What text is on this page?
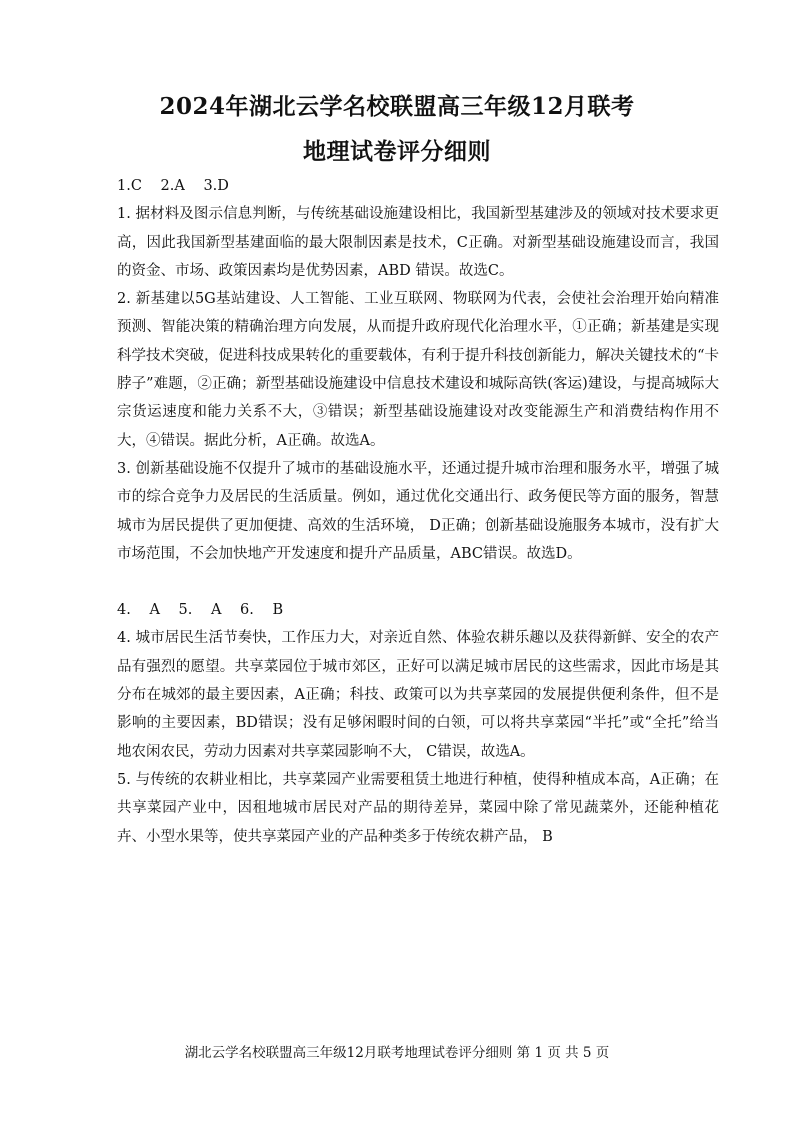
2024年湖北云学名校联盟高三年级12月联考
地理试卷评分细则

1.C 2.A 3.D

1. 据材料及图示信息判断，与传统基础设施建设相比，我国新型基建涉及的领域对技术要求更高，因此我国新型基建面临的最大限制因素是技术，C正确。对新型基础设施建设而言，我国的资金、市场、政策因素均是优势因素，ABD 错误。故选C。

2. 新基建以5G基站建设、人工智能、工业互联网、物联网为代表，会使社会治理开始向精准预测、智能决策的精确治理方向发展，从而提升政府现代化治理水平，①正确；新基建是实现科学技术突破，促进科技成果转化的重要载体，有利于提升科技创新能力，解决关键技术的“卡脖子”难题，②正确；新型基础设施建设中信息技术建设和城际高铁(客运)建设，与提高城际大宗货运速度和能力关系不大，③错误；新型基础设施建设对改变能源生产和消费结构作用不大，④错误。据此分析，A正确。故选A。

3. 创新基础设施不仅提升了城市的基础设施水平，还通过提升城市治理和服务水平，增强了城市的综合竞争力及居民的生活质量。例如，通过优化交通出行、政务便民等方面的服务，智慧城市为居民提供了更加便捷、高效的生活环境， D正确；创新基础设施服务本城市，没有扩大市场范围，不会加快地产开发速度和提升产品质量，ABC错误。故选D。

4. A 5. A 6. B

4. 城市居民生活节奏快，工作压力大，对亲近自然、体验农耕乐趣以及获得新鲜、安全的农产品有强烈的愿望。共享菜园位于城市郊区，正好可以满足城市居民的这些需求，因此市场是其分布在城郊的最主要因素，A正确；科技、政策可以为共享菜园的发展提供便利条件，但不是影响的主要因素，BD错误；没有足够闲暇时间的白领，可以将共享菜园“半托”或“全托”给当地农闲农民，劳动力因素对共享菜园影响不大， C错误，故选A。

5. 与传统的农耕业相比，共享菜园产业需要租赁土地进行种植，使得种植成本高，A正确；在共享菜园产业中，因租地城市居民对产品的期待差异，菜园中除了常见蔬菜外，还能种植花卉、小型水果等，使共享菜园产业的产品种类多于传统农耕产品， B

湖北云学名校联盟高三年级12月联考地理试卷评分细则 第 1 页 共 5 页
